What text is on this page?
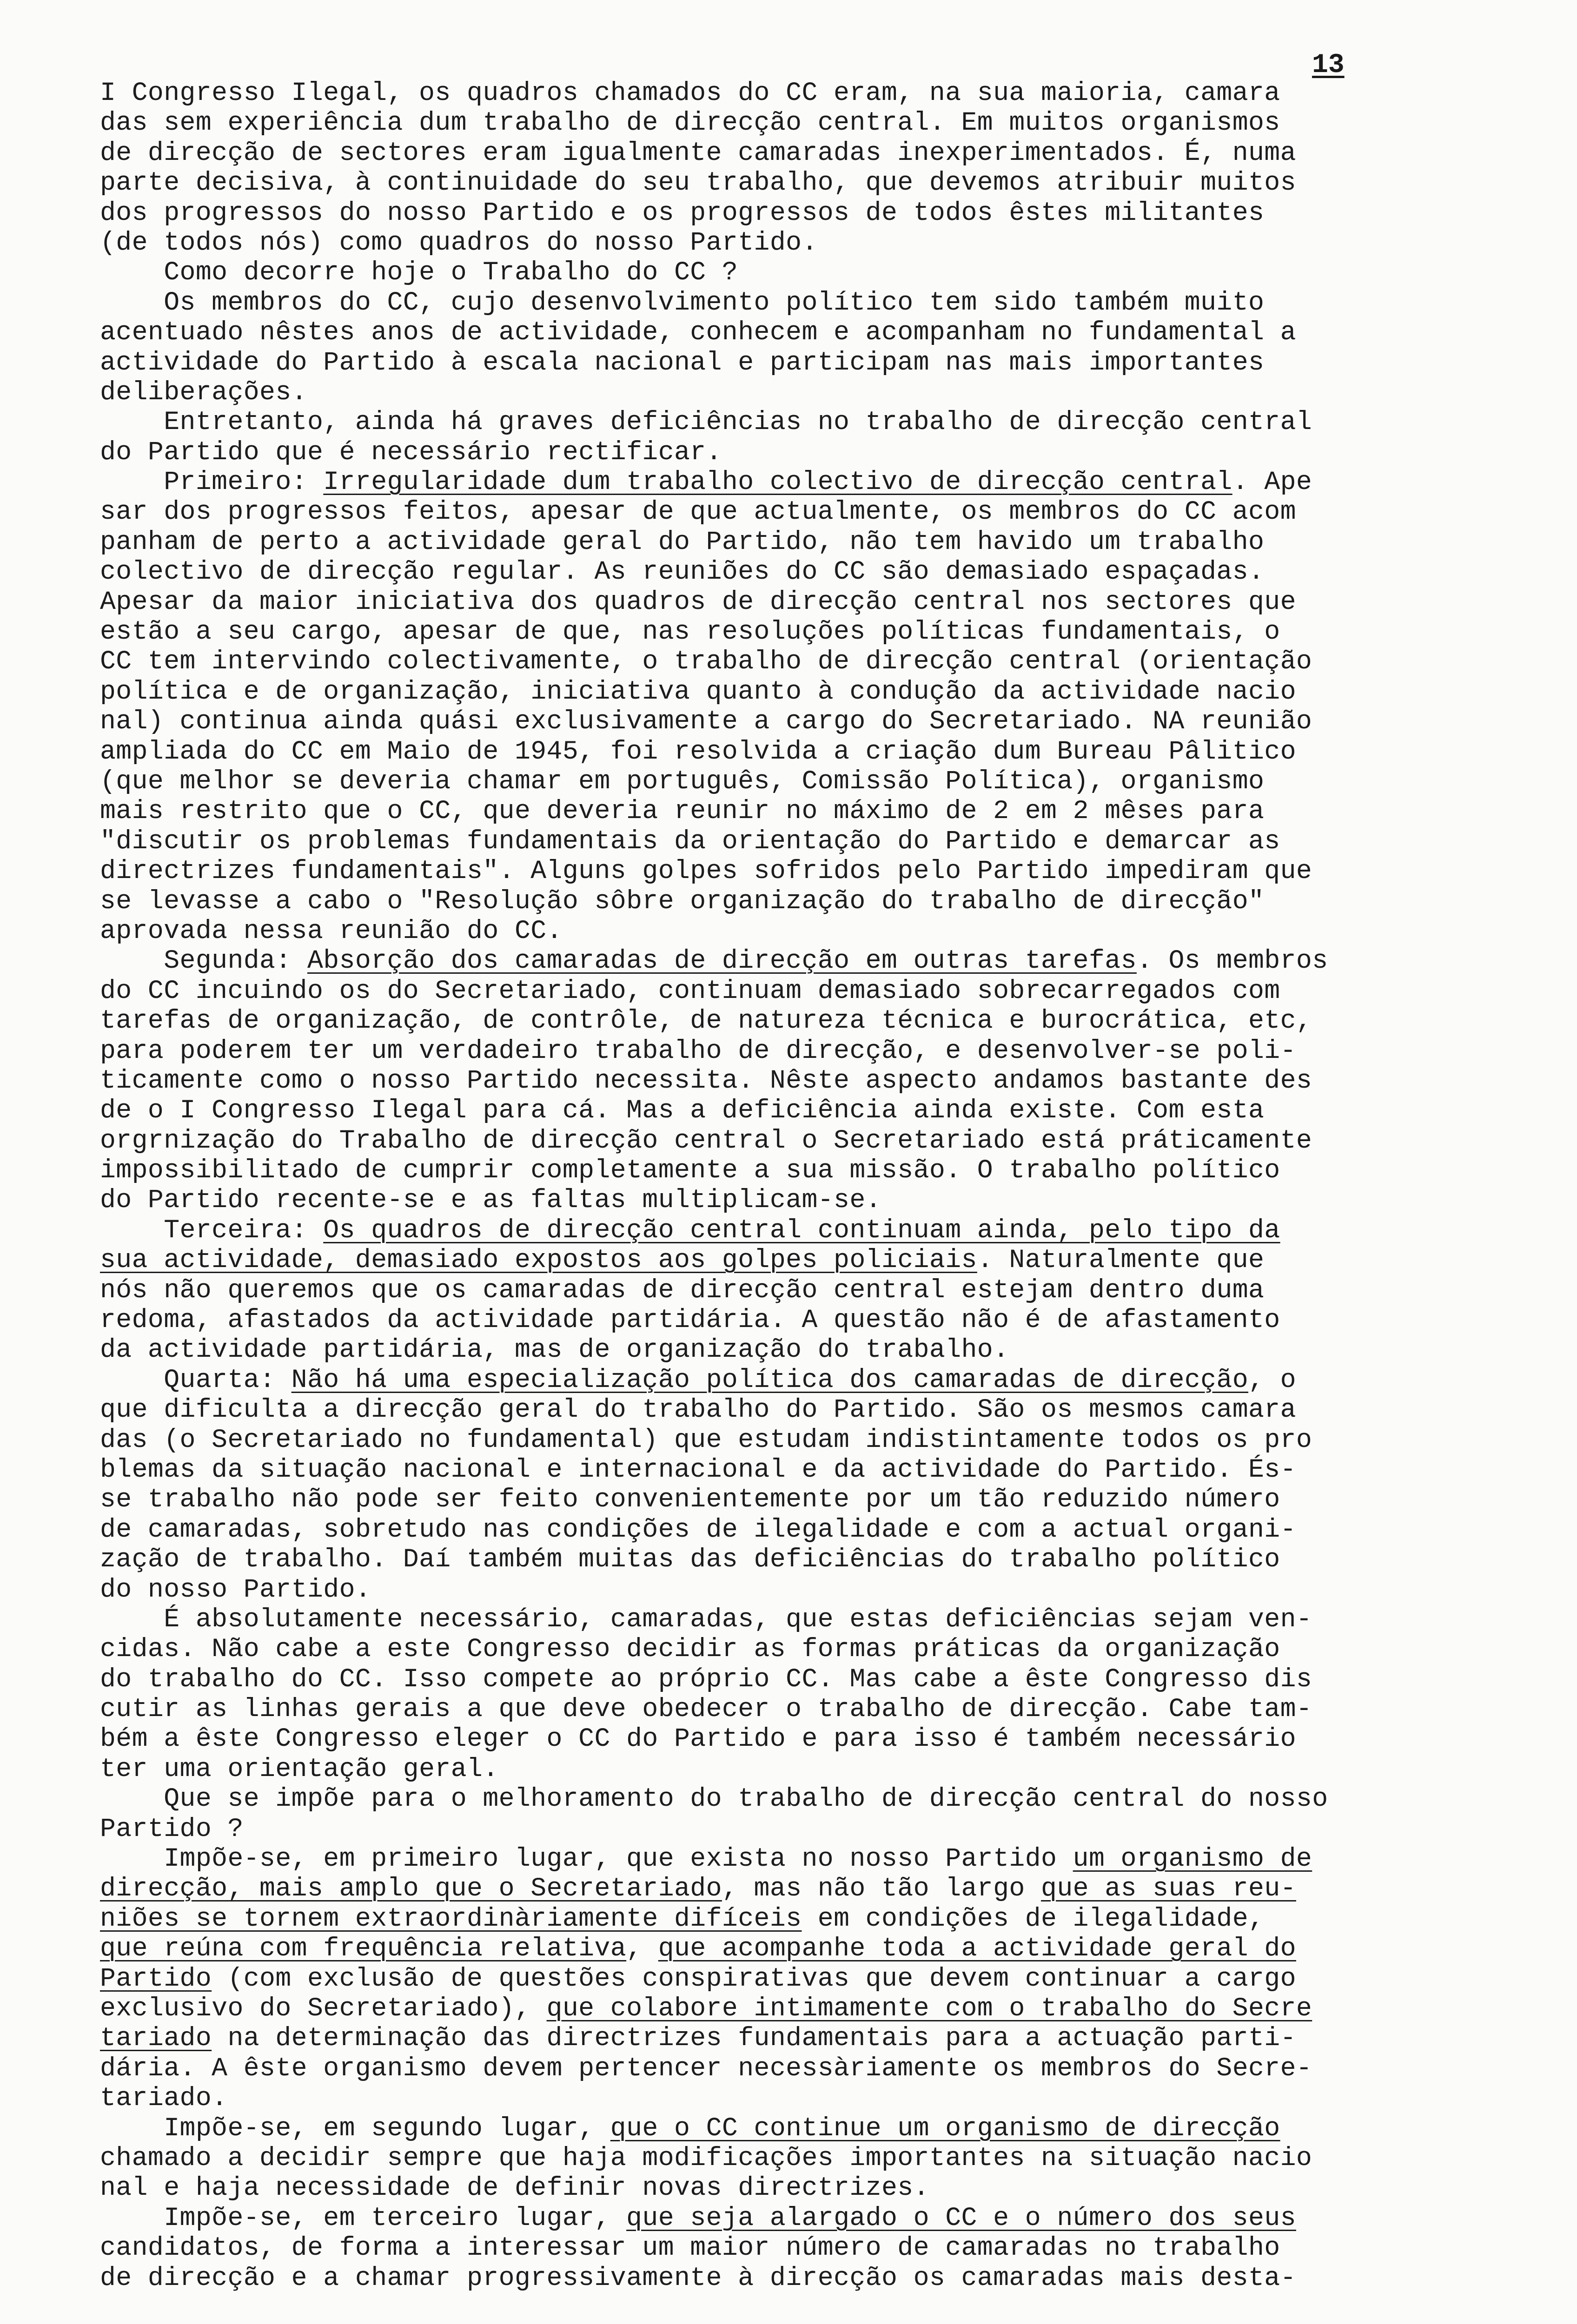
13
I Congresso Ilegal, os quadros chamados do CC eram, na sua maioria, camara
das sem experiência dum trabalho de direcção central. Em muitos organismos
de direcção de sectores eram igualmente camaradas inexperimentados. É, numa
parte decisiva, à continuidade do seu trabalho, que devemos atribuir muitos
dos progressos do nosso Partido e os progressos de todos êstes militantes
(de todos nós) como quadros do nosso Partido.
Como decorre hoje o Trabalho do CC ?
Os membros do CC, cujo desenvolvimento político tem sido também muito
acentuado nêstes anos de actividade, conhecem e acompanham no fundamental a
actividade do Partido à escala nacional e participam nas mais importantes
deliberações.
Entretanto, ainda há graves deficiências no trabalho de direcção central
do Partido que é necessário rectificar.
Primeiro: Irregularidade dum trabalho colectivo de direcção central. Ape
sar dos progressos feitos, apesar de que actualmente, os membros do CC acom
panham de perto a actividade geral do Partido, não tem havido um trabalho
colectivo de direcção regular. As reuniões do CC são demasiado espaçadas.
Apesar da maior iniciativa dos quadros de direcção central nos sectores que
estão a seu cargo, apesar de que, nas resoluções políticas fundamentais, o
CC tem intervindo colectivamente, o trabalho de direcção central (orientação
política e de organização, iniciativa quanto à condução da actividade nacio
nal) continua ainda quási exclusivamente a cargo do Secretariado. NA reunião
ampliada do CC em Maio de 1945, foi resolvida a criação dum Bureau Pâlitico
(que melhor se deveria chamar em português, Comissão Política), organismo
mais restrito que o CC, que deveria reunir no máximo de 2 em 2 mêses para
"discutir os problemas fundamentais da orientação do Partido e demarcar as
directrizes fundamentais". Alguns golpes sofridos pelo Partido impediram que
se levasse a cabo o "Resolução sôbre organização do trabalho de direcção"
aprovada nessa reunião do CC.
Segunda: Absorção dos camaradas de direcção em outras tarefas. Os membros
do CC incuindo os do Secretariado, continuam demasiado sobrecarregados com
tarefas de organização, de contrôle, de natureza técnica e burocrática, etc,
para poderem ter um verdadeiro trabalho de direcção, e desenvolver-se poli-
ticamente como o nosso Partido necessita. Nêste aspecto andamos bastante des
de o I Congresso Ilegal para cá. Mas a deficiência ainda existe. Com esta
orgrnização do Trabalho de direcção central o Secretariado está práticamente
impossibilitado de cumprir completamente a sua missão. O trabalho político
do Partido recente-se e as faltas multiplicam-se.
Terceira: Os quadros de direcção central continuam ainda, pelo tipo da
sua actividade, demasiado expostos aos golpes policiais. Naturalmente que
nós não queremos que os camaradas de direcção central estejam dentro duma
redoma, afastados da actividade partidária. A questão não é de afastamento
da actividade partidária, mas de organização do trabalho.
Quarta: Não há uma especialização política dos camaradas de direcção, o
que dificulta a direcção geral do trabalho do Partido. São os mesmos camara
das (o Secretariado no fundamental) que estudam indistintamente todos os pro
blemas da situação nacional e internacional e da actividade do Partido. És-
se trabalho não pode ser feito convenientemente por um tão reduzido número
de camaradas, sobretudo nas condições de ilegalidade e com a actual organi-
zação de trabalho. Daí também muitas das deficiências do trabalho político
do nosso Partido.
É absolutamente necessário, camaradas, que estas deficiências sejam ven-
cidas. Não cabe a este Congresso decidir as formas práticas da organização
do trabalho do CC. Isso compete ao próprio CC. Mas cabe a êste Congresso dis
cutir as linhas gerais a que deve obedecer o trabalho de direcção. Cabe tam-
bém a êste Congresso eleger o CC do Partido e para isso é também necessário
ter uma orientação geral.
Que se impõe para o melhoramento do trabalho de direcção central do nosso
Partido ?
Impõe-se, em primeiro lugar, que exista no nosso Partido um organismo de
direcção, mais amplo que o Secretariado, mas não tão largo que as suas reu-
niões se tornem extraordinàriamente difíceis em condições de ilegalidade,
que reúna com frequência relativa, que acompanhe toda a actividade geral do
Partido (com exclusão de questões conspirativas que devem continuar a cargo
exclusivo do Secretariado), que colabore intimamente com o trabalho do Secre
tariado na determinação das directrizes fundamentais para a actuação parti-
dária. A êste organismo devem pertencer necessàriamente os membros do Secre-
tariado.
Impõe-se, em segundo lugar, que o CC continue um organismo de direcção
chamado a decidir sempre que haja modificações importantes na situação nacio
nal e haja necessidade de definir novas directrizes.
Impõe-se, em terceiro lugar, que seja alargado o CC e o número dos seus
candidatos, de forma a interessar um maior número de camaradas no trabalho
de direcção e a chamar progressivamente à direcção os camaradas mais desta-
